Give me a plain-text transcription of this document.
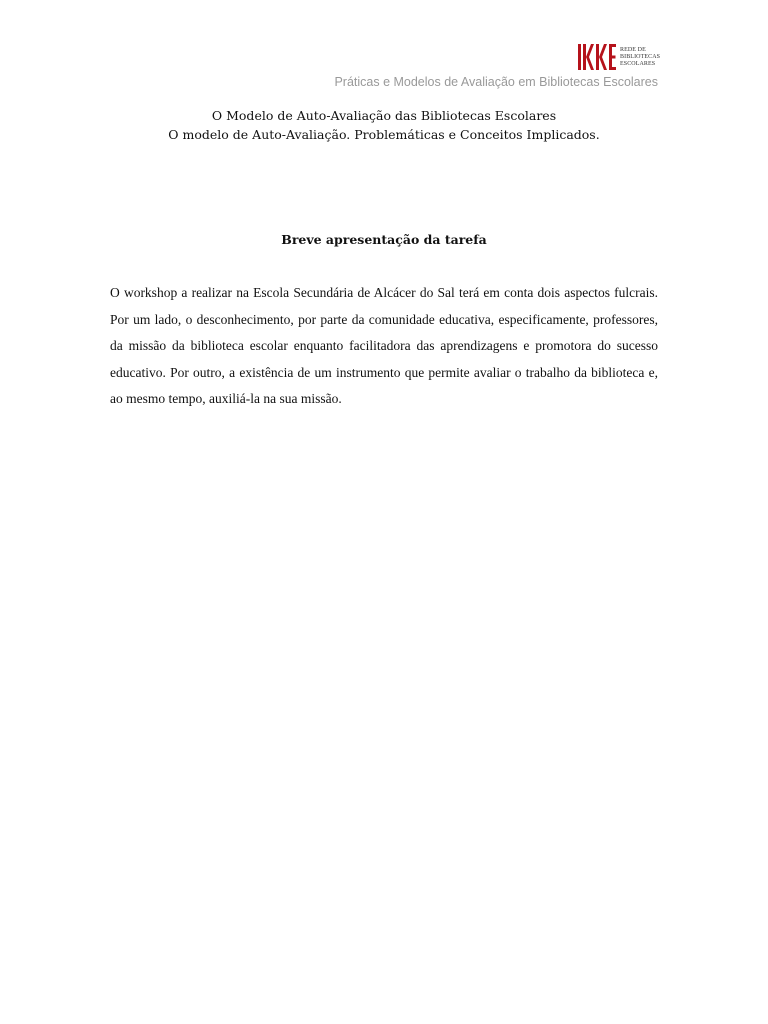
REDE DE
BIBLIOTECAS
ESCOLARES
Práticas e Modelos de Avaliação em Bibliotecas Escolares
O Modelo de Auto-Avaliação das Bibliotecas Escolares
O modelo de Auto-Avaliação. Problemáticas e Conceitos Implicados.
Breve apresentação da tarefa

O workshop a realizar na Escola Secundária de Alcácer do Sal terá em conta dois aspectos fulcrais. Por um lado, o desconhecimento, por parte da comunidade educativa, especificamente, professores, da missão da biblioteca escolar enquanto facilitadora das aprendizagens e promotora do sucesso educativo. Por outro, a existência de um instrumento que permite avaliar o trabalho da biblioteca e, ao mesmo tempo, auxiliá-la na sua missão.
